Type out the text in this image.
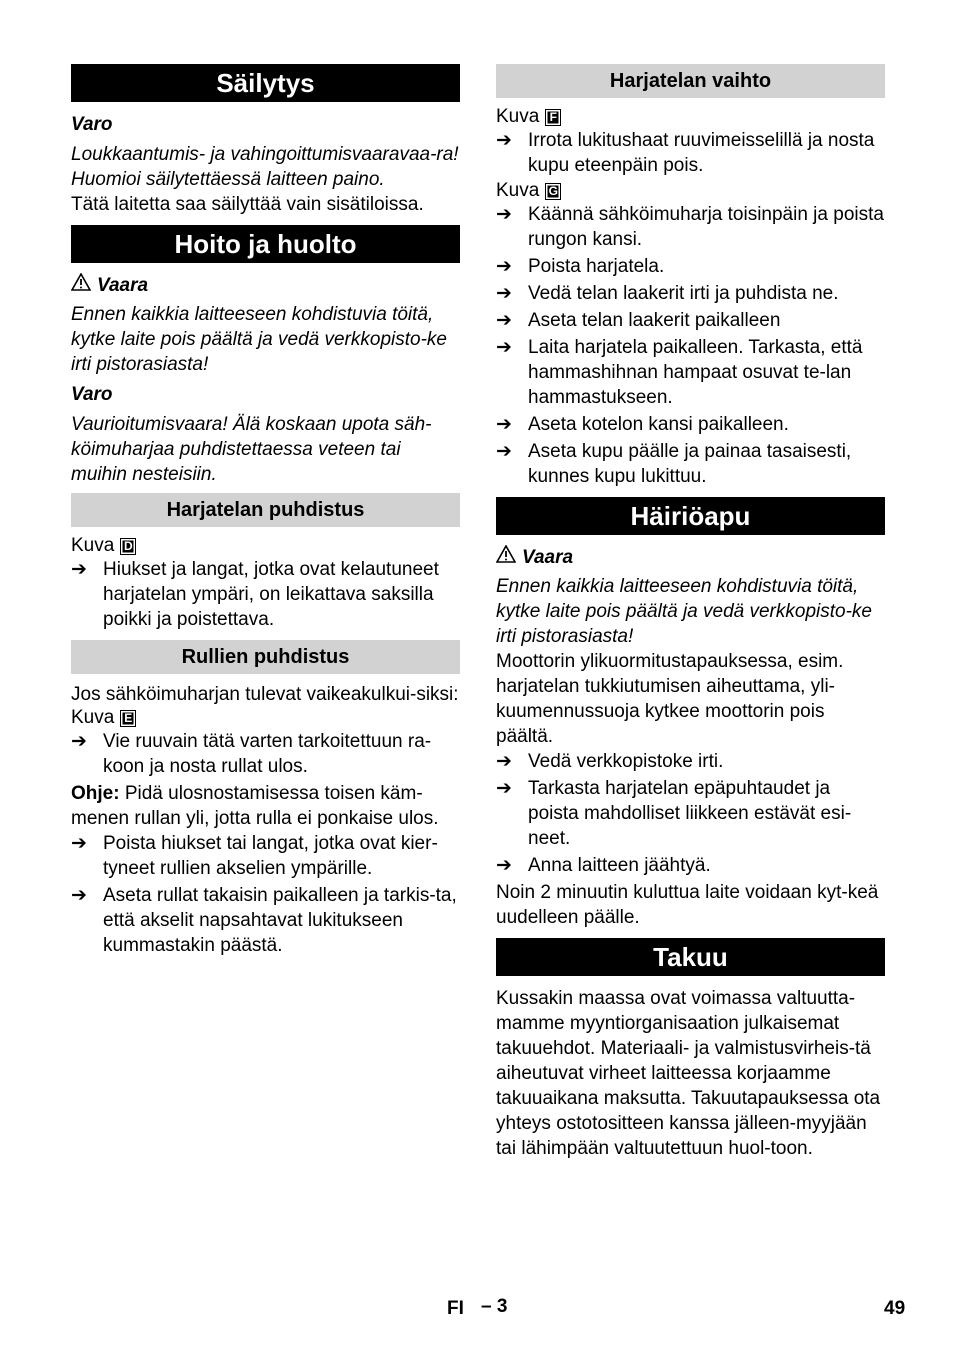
Säilytys

Varo

Loukkaantumis- ja vahingoittumisvaaravaa-ra! Huomioi säilytettäessä laitteen paino.

Tätä laitetta saa säilyttää vain sisätiloissa.

Hoito ja huolto
Vaara

Ennen kaikkia laitteeseen kohdistuvia töitä, kytke laite pois päältä ja vedä verkkopisto-ke irti pistorasiasta!

Varo

Vaurioitumisvaara! Älä koskaan upota säh-köimuharjaa puhdistettaessa veteen tai muihin nesteisiin.

Harjatelan puhdistus
Kuva D
➔ Hiukset ja langat, jotka ovat kelautuneet harjatelan ympäri, on leikattava saksilla poikki ja poistettava.
Rullien puhdistus

Jos sähköimuharjan tulevat vaikeakulkui-siksi:

Kuva E
➔ Vie ruuvain tätä varten tarkoitettuun ra-koon ja nosta rullat ulos.

Ohje: Pidä ulosnostamisessa toisen käm-menen rullan yli, jotta rulla ei ponkaise ulos.

➔ Poista hiukset tai langat, jotka ovat kier-tyneet rullien akselien ympärille.
➔ Aseta rullat takaisin paikalleen ja tarkis-ta, että akselit napsahtavat lukitukseen kummastakin päästä.
Harjatelan vaihto
Kuva F
➔ Irrota lukitushaat ruuvimeisselillä ja nosta kupu eteenpäin pois.
Kuva G
➔ Käännä sähköimuharja toisinpäin ja poista rungon kansi.
➔ Poista harjatela.
➔ Vedä telan laakerit irti ja puhdista ne.
➔ Aseta telan laakerit paikalleen
➔ Laita harjatela paikalleen. Tarkasta, että hammashihnan hampaat osuvat te-lan hammastukseen.
➔ Aseta kotelon kansi paikalleen.
➔ Aseta kupu päälle ja painaa tasaisesti, kunnes kupu lukittuu.
Häiriöapu
Vaara

Ennen kaikkia laitteeseen kohdistuvia töitä, kytke laite pois päältä ja vedä verkkopisto-ke irti pistorasiasta!

Moottorin ylikuormitustapauksessa, esim. harjatelan tukkiutumisen aiheuttama, yli-kuumennussuoja kytkee moottorin pois päältä.

➔ Vedä verkkopistoke irti.
➔ Tarkasta harjatelan epäpuhtaudet ja poista mahdolliset liikkeen estävät esi-neet.
➔ Anna laitteen jäähtyä.

Noin 2 minuutin kuluttua laite voidaan kyt-keä uudelleen päälle.

Takuu

Kussakin maassa ovat voimassa valtuutta-mamme myyntiorganisaation julkaisemat takuuehdot. Materiaali- ja valmistusvirheis-tä aiheutuvat virheet laitteessa korjaamme takuuaikana maksutta. Takuutapauksessa ota yhteys ostotositteen kanssa jälleen-myyjään tai lähimpään valtuutettuun huol-toon.

FI – 3	49
